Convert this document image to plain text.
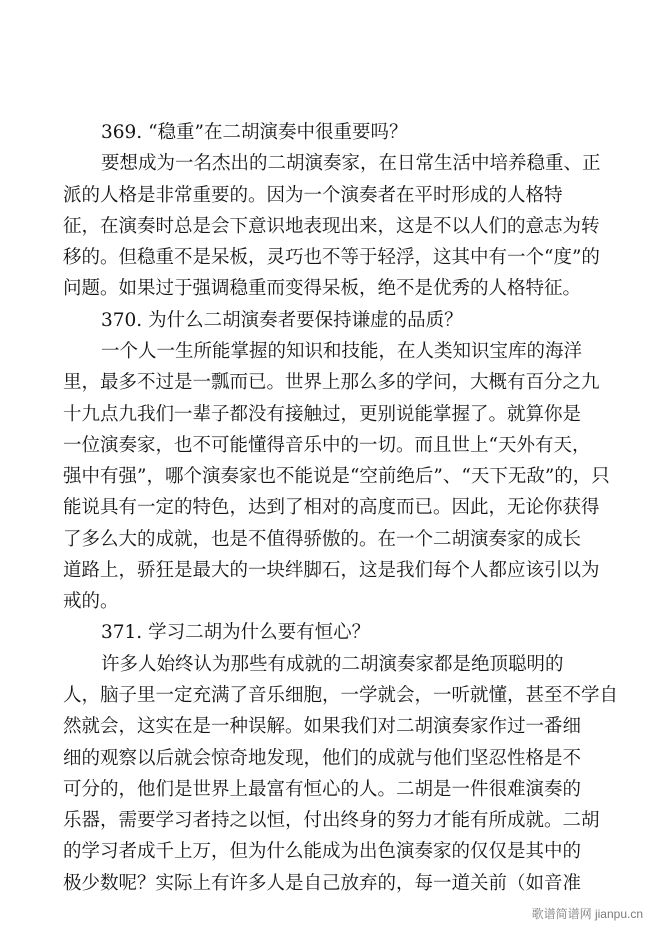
369. “稳重”在二胡演奏中很重要吗？
要想成为一名杰出的二胡演奏家，在日常生活中培养稳重、正
派的人格是非常重要的。因为一个演奏者在平时形成的人格特
征，在演奏时总是会下意识地表现出来，这是不以人们的意志为转
移的。但稳重不是呆板，灵巧也不等于轻浮，这其中有一个“度”的
问题。如果过于强调稳重而变得呆板，绝不是优秀的人格特征。
370. 为什么二胡演奏者要保持谦虚的品质？
一个人一生所能掌握的知识和技能，在人类知识宝库的海洋
里，最多不过是一瓢而已。世界上那么多的学问，大概有百分之九
十九点九我们一辈子都没有接触过，更别说能掌握了。就算你是
一位演奏家，也不可能懂得音乐中的一切。而且世上“天外有天，
强中有强”，哪个演奏家也不能说是“空前绝后”、“天下无敌”的，只
能说具有一定的特色，达到了相对的高度而已。因此，无论你获得
了多么大的成就，也是不值得骄傲的。在一个二胡演奏家的成长
道路上，骄狂是最大的一块绊脚石，这是我们每个人都应该引以为
戒的。
371. 学习二胡为什么要有恒心？
许多人始终认为那些有成就的二胡演奏家都是绝顶聪明的
人，脑子里一定充满了音乐细胞，一学就会，一听就懂，甚至不学自
然就会，这实在是一种误解。如果我们对二胡演奏家作过一番细
细的观察以后就会惊奇地发现，他们的成就与他们坚忍性格是不
可分的，他们是世界上最富有恒心的人。二胡是一件很难演奏的
乐器，需要学习者持之以恒，付出终身的努力才能有所成就。二胡
的学习者成千上万，但为什么能成为出色演奏家的仅仅是其中的
极少数呢？实际上有许多人是自己放弃的，每一道关前（如音准
歌谱简谱网 jianpu.cn
